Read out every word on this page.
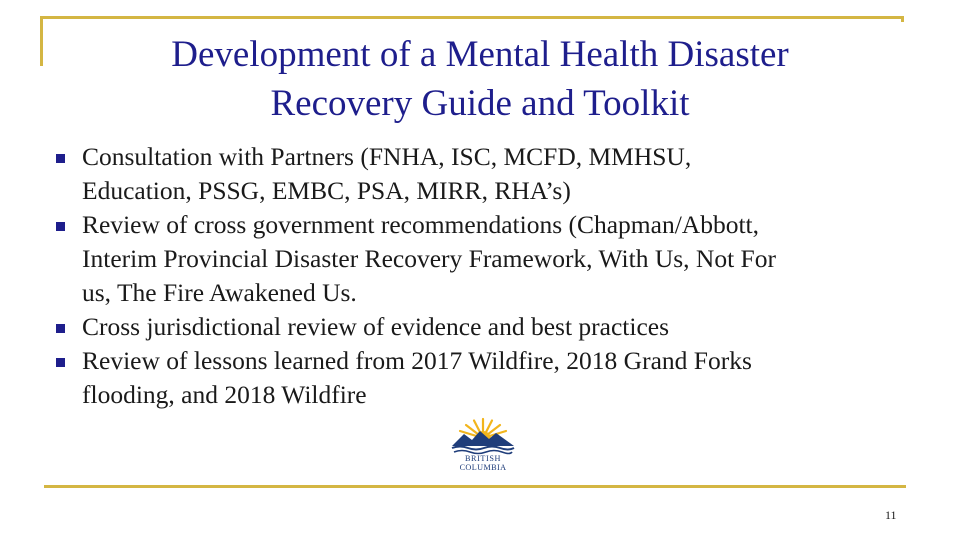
Development of a Mental Health Disaster
Recovery Guide and Toolkit
Consultation with Partners (FNHA, ISC, MCFD, MMHSU,
Education, PSSG, EMBC, PSA, MIRR, RHA’s)
Review of cross government recommendations (Chapman/Abbott,
Interim Provincial Disaster Recovery Framework, With Us, Not For
us, The Fire Awakened Us.
Cross jurisdictional review of evidence and best practices
Review of lessons learned from 2017 Wildfire, 2018 Grand Forks
flooding, and 2018 Wildfire
BRITISH
COLUMBIA
11
